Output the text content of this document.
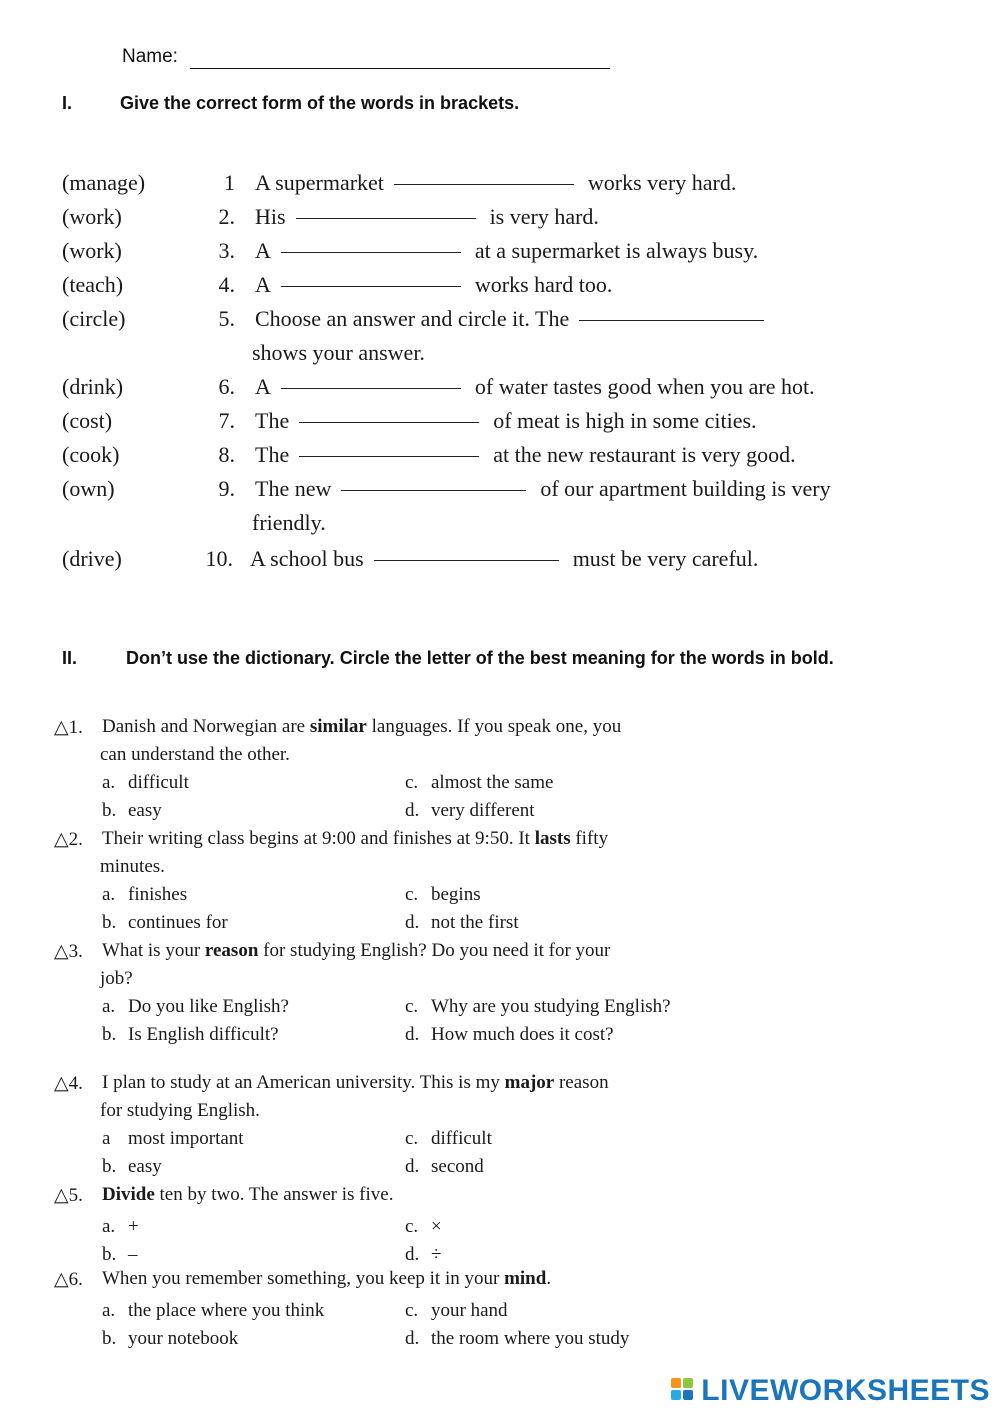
Name:
I.	Give the correct form of the words in brackets.
(manage)	1 A supermarket	works very hard.
(work)	2. His	is very hard.
(work)	3. A	at a supermarket is always busy.
(teach)	4. A	works hard too.
(circle)	5. Choose an answer and circle it. The
shows your answer.
(drink)	6. A	of water tastes good when you are hot.
(cost)	7. The	of meat is high in some cities.
(cook)	8. The	at the new restaurant is very good.
(own)	9. The new	of our apartment building is very
friendly.
(drive)	10. A school bus	must be very careful.
II.	Don’t use the dictionary. Circle the letter of the best meaning for the words in bold.
△1. Danish and Norwegian are similar languages. If you speak one, you
can understand the other.
a. difficult
b. easy
c. almost the same
d. very different
△2. Their writing class begins at 9:00 and finishes at 9:50. It lasts fifty
minutes.
a. finishes
b. continues for
c. begins
d. not the first
△3. What is your reason for studying English? Do you need it for your
job?
a. Do you like English?
b. Is English difficult?
c. Why are you studying English?
d. How much does it cost?
△4. I plan to study at an American university. This is my major reason
for studying English.
a most important
b. easy
c. difficult
d. second
△5. Divide ten by two. The answer is five.
a. +
b. –
c. ×
d. ÷
△6. When you remember something, you keep it in your mind.
a. the place where you think
b. your notebook
c. your hand
d. the room where you study
LIVEWORKSHEETS
